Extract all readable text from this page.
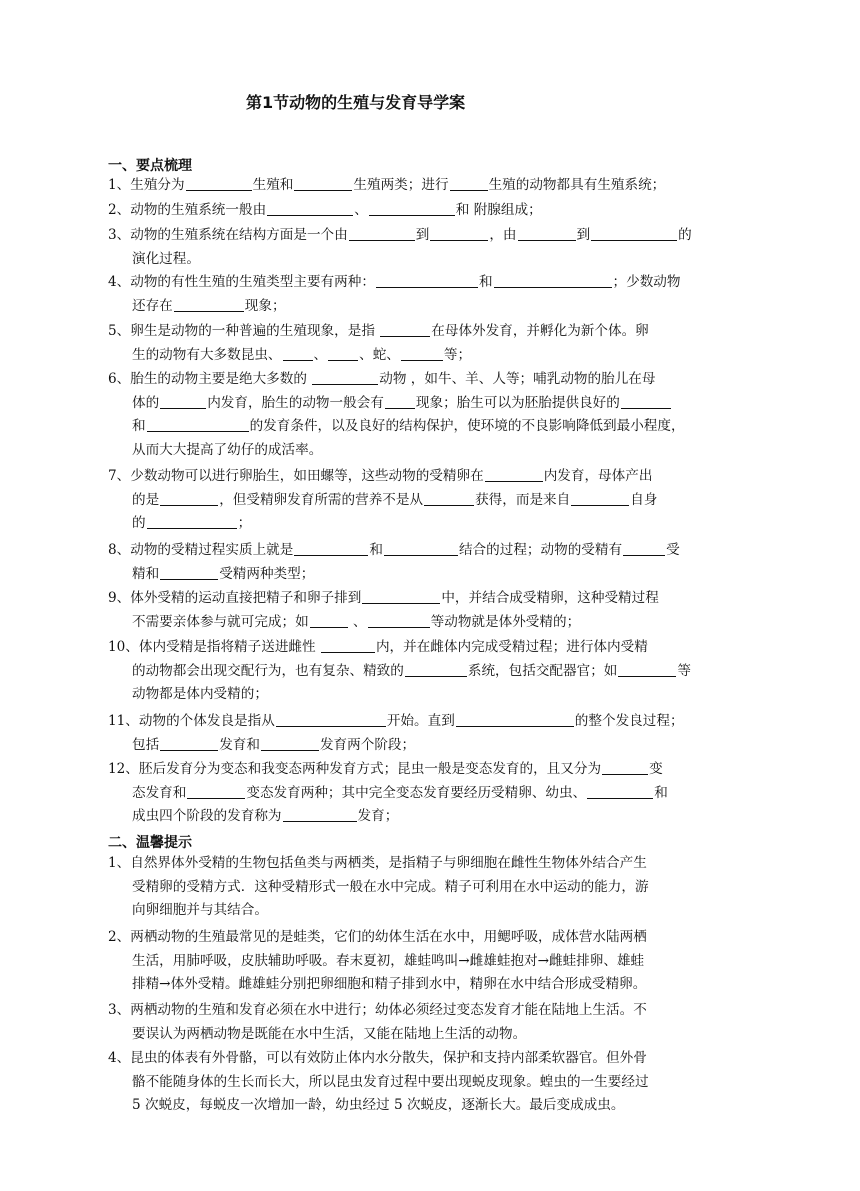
第1节动物的生殖与发育导学案
一、要点梳理
1、生殖分为	生殖和	生殖两类；进行	生殖的动物都具有生殖系统；
2、动物的生殖系统一般由	、	和 附腺组成；
3、动物的生殖系统在结构方面是一个由	到	，由	到	的
演化过程。
4、动物的有性生殖的生殖类型主要有两种：	和	；少数动物
还存在	现象；
5、卵生是动物的一种普遍的生殖现象，是指	在母体外发育，并孵化为新个体。卵
生的动物有大多数昆虫、 、 、蛇、	等；
6、胎生的动物主要是绝大多数的	动物 ，如牛、羊、人等；哺乳动物的胎儿在母
体的	内发育，胎生的动物一般会有 现象；胎生可以为胚胎提供良好的
和	的发育条件，以及良好的结构保护，使环境的不良影响降低到最小程度，
从而大大提高了幼仔的成活率。
7、少数动物可以进行卵胎生，如田螺等，这些动物的受精卵在	内发育，母体产出
的是	，但受精卵发育所需的营养不是从	获得，而是来自	自身
的	；
8、动物的受精过程实质上就是	和	结合的过程；动物的受精有	受
精和	受精两种类型；
9、体外受精的运动直接把精子和卵子排到	中，并结合成受精卵，这种受精过程
不需要亲体参与就可完成；如	、	等动物就是体外受精的；
10、体内受精是指将精子送进雌性	内，并在雌体内完成受精过程；进行体内受精
的动物都会出现交配行为，也有复杂、精致的	系统，包括交配器官；如	等
动物都是体内受精的；
11、动物的个体发良是指从	开始。直到	的整个发良过程；
包括	发育和	发育两个阶段；
12、胚后发育分为变态和我变态两种发育方式；昆虫一般是变态发育的，且又分为	变
态发育和	变态发育两种；其中完全变态发育要经历受精卵、幼虫、	和
成虫四个阶段的发育称为	发育；
二、温馨提示
1、自然界体外受精的生物包括鱼类与两栖类，是指精子与卵细胞在雌性生物体外结合产生
受精卵的受精方式．这种受精形式一般在水中完成。精子可利用在水中运动的能力，游
向卵细胞并与其结合。
2、两栖动物的生殖最常见的是蛙类，它们的幼体生活在水中，用鳃呼吸，成体营水陆两栖
生活，用肺呼吸，皮肤辅助呼吸。春末夏初，雄蛙鸣叫→雌雄蛙抱对→雌蛙排卵、雄蛙
排精→体外受精。雌雄蛙分别把卵细胞和精子排到水中，精卵在水中结合形成受精卵。
3、两栖动物的生殖和发育必须在水中进行；幼体必须经过变态发育才能在陆地上生活。不
要误认为两栖动物是既能在水中生活，又能在陆地上生活的动物。
4、昆虫的体表有外骨骼，可以有效防止体内水分散失，保护和支持内部柔软器官。但外骨
骼不能随身体的生长而长大，所以昆虫发育过程中要出现蜕皮现象。蝗虫的一生要经过
5 次蜕皮，每蜕皮一次增加一龄，幼虫经过 5 次蜕皮，逐渐长大。最后变成成虫。
